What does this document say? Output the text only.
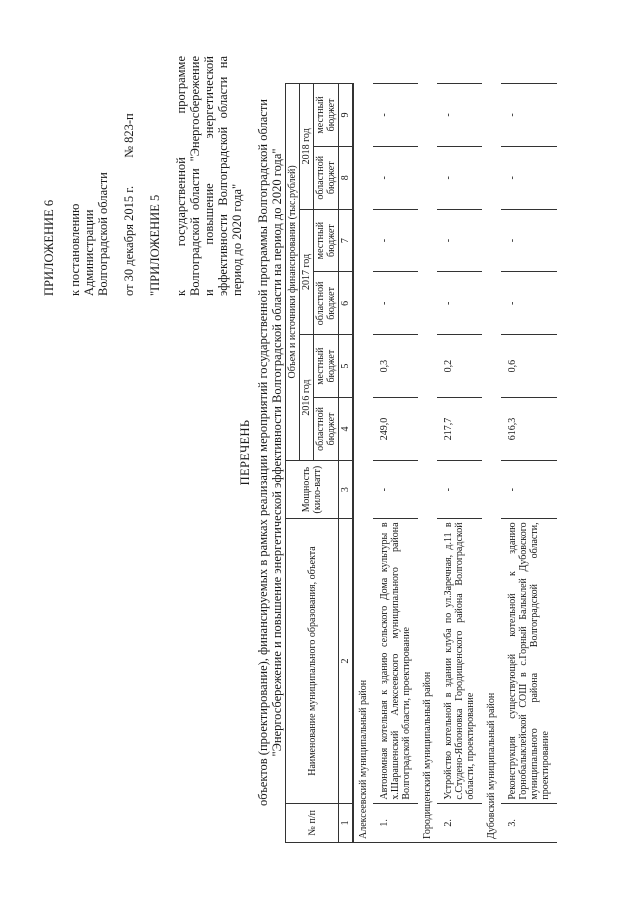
ПРИЛОЖЕНИЕ 6 к постановлению Администрации Волгоградской области от 30 декабря 2015 г.
№ 823-п
"ПРИЛОЖЕНИЕ 5 к государственной программе Волгоградской области "Энергосбережение и повышение энергетической эффективности Волгоградской области на период до 2020 года"
ПЕРЕЧЕНЬ объектов (проектирование), финансируемых в рамках реализации мероприятий государственной программы Волгоградской области "Энергосбережение и повышение энергетической эффективности Волгоградской области на период до 2020 года"
№ п/п	Наименование муниципального образования, объекта	Мощность (кило-ватт)	Объем и источники финансирования (тыс.рублей)					
			2016 год		2017 год		2018 год	
			областной бюджет	местный бюджет	областной бюджет	местный бюджет	областной бюджет	местный бюджет
1	2	3	4	5	6	7	8	9
Алексеевский муниципальный район								
1.	Автономная котельная к зданию сельского Дома культуры в х.Шарашенский Алексеевского муниципального района Волгоградской области, проектирование	-	249,0	0,3	-	-	-	-
Городищенский муниципальный район								
2.	Устройство котельной в здании клуба по ул.Заречная, д.11 в с.Студено-Яблоновка Городищенского района Волгоградской области, проектирование	-	217,7	0,2	-	-	-	-
Дубовский муниципальный район								
3.	Реконструкция существующей котельной к зданию Горнобалыклейской СОШ в с.Горный Балыклей Дубовского муниципального района Волгоградской области, проектирование	-	616,3	0,6	-	-	-	-
